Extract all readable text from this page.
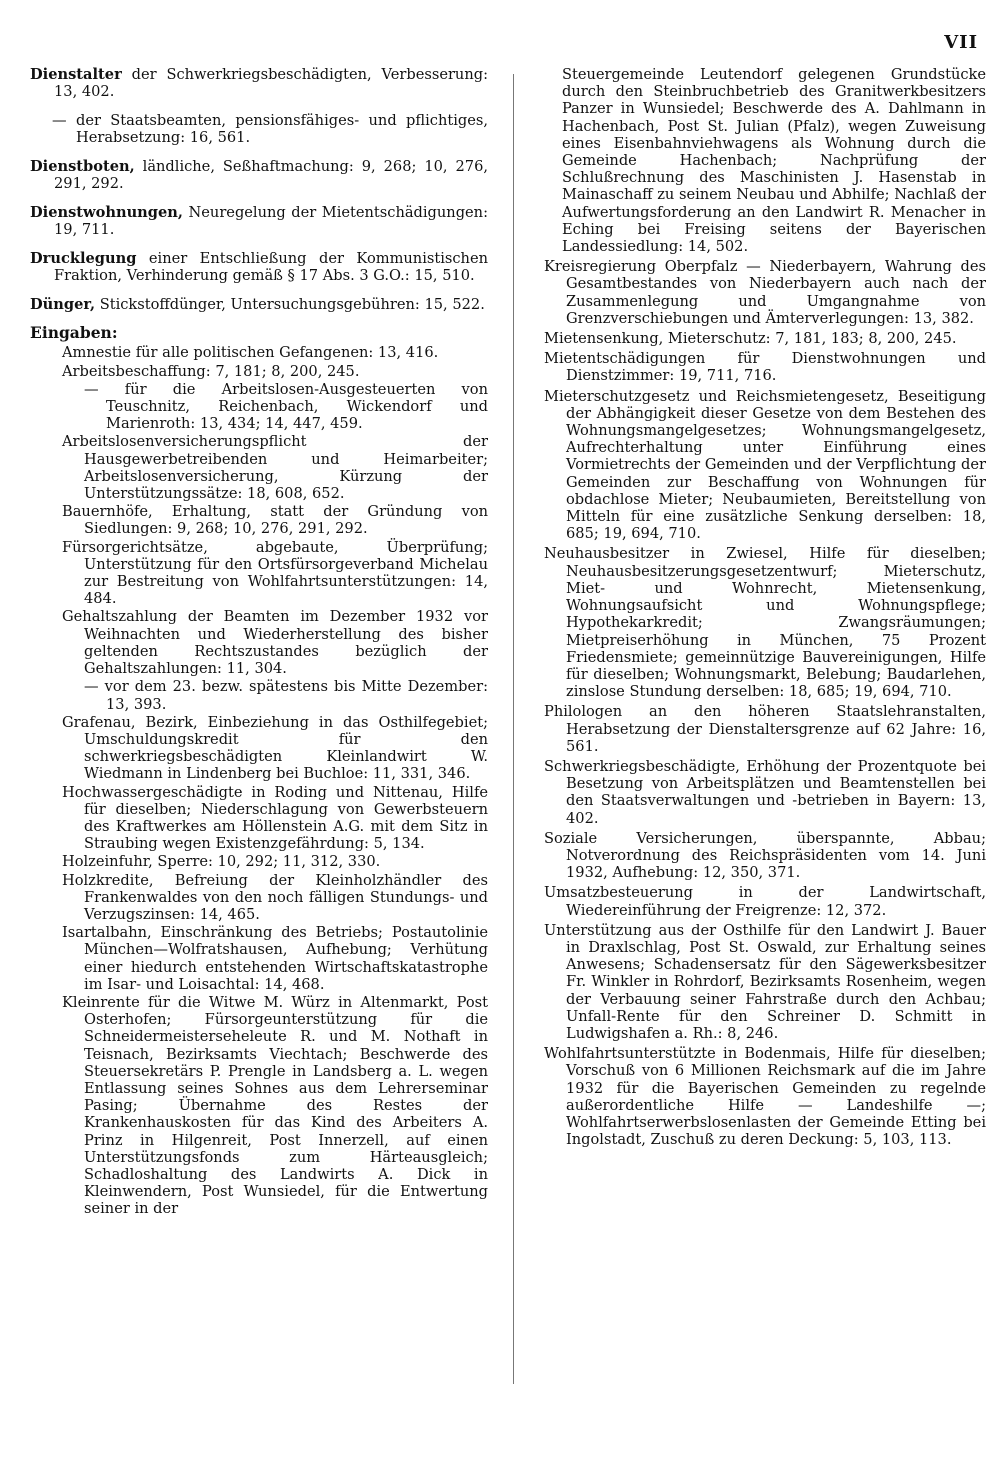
VII
Dienstalter der Schwerkriegsbeschädigten, Verbesserung: 13, 402.
— der Staatsbeamten, pensionsfähiges- und pflichtiges, Herabsetzung: 16, 561.
Dienstboten, ländliche, Seßhaftmachung: 9, 268; 10, 276, 291, 292.
Dienstwohnungen, Neuregelung der Mietentschädigungen: 19, 711.
Drucklegung einer Entschließung der Kommunistischen Fraktion, Verhinderung gemäß § 17 Abs. 3 G.O.: 15, 510.
Dünger, Stickstoffdünger, Untersuchungsgebühren: 15, 522.
Eingaben:
Amnestie für alle politischen Gefangenen: 13, 416.
Arbeitsbeschaffung: 7, 181; 8, 200, 245.
— für die Arbeitslosen-Ausgesteuerten von Teuschnitz, Reichenbach, Wickendorf und Marienroth: 13, 434; 14, 447, 459.
Arbeitslosenversicherungspflicht der Hausgewerbetreibenden und Heimarbeiter; Arbeitslosenversicherung, Kürzung der Unterstützungssätze: 18, 608, 652.
Bauernhöfe, Erhaltung, statt der Gründung von Siedlungen: 9, 268; 10, 276, 291, 292.
Fürsorgerichtsätze, abgebaute, Überprüfung; Unterstützung für den Ortsfürsorgeverband Michelau zur Bestreitung von Wohlfahrtsunterstützungen: 14, 484.
Gehaltszahlung der Beamten im Dezember 1932 vor Weihnachten und Wiederherstellung des bisher geltenden Rechtszustandes bezüglich der Gehaltszahlungen: 11, 304.
— vor dem 23. bezw. spätestens bis Mitte Dezember: 13, 393.
Grafenau, Bezirk, Einbeziehung in das Osthilfegebiet; Umschuldungskredit für den schwerkriegsbeschädigten Kleinlandwirt W. Wiedmann in Lindenberg bei Buchloe: 11, 331, 346.
Hochwassergeschädigte in Roding und Nittenau, Hilfe für dieselben; Niederschlagung von Gewerbsteuern des Kraftwerkes am Höllenstein A.G. mit dem Sitz in Straubing wegen Existenzgefährdung: 5, 134.
Holzeinfuhr, Sperre: 10, 292; 11, 312, 330.
Holzkredite, Befreiung der Kleinholzhändler des Frankenwaldes von den noch fälligen Stundungs- und Verzugszinsen: 14, 465.
Isartalbahn, Einschränkung des Betriebs; Postautolinie München—Wolfratshausen, Aufhebung; Verhütung einer hiedurch entstehenden Wirtschaftskatastrophe im Isar- und Loisachtal: 14, 468.
Kleinrente für die Witwe M. Würz in Altenmarkt, Post Osterhofen; Fürsorgeunterstützung für die Schneidermeisterseheleute R. und M. Nothaft in Teisnach, Bezirksamts Viechtach; Beschwerde des Steuersekretärs P. Prengle in Landsberg a. L. wegen Entlassung seines Sohnes aus dem Lehrerseminar Pasing; Übernahme des Restes der Krankenhauskosten für das Kind des Arbeiters A. Prinz in Hilgenreit, Post Innerzell, auf einen Unterstützungsfonds zum Härteausgleich; Schadloshaltung des Landwirts A. Dick in Kleinwendern, Post Wunsiedel, für die Entwertung seiner in der
Steuergemeinde Leutendorf gelegenen Grundstücke durch den Steinbruchbetrieb des Granitwerkbesitzers Panzer in Wunsiedel; Beschwerde des A. Dahlmann in Hachenbach, Post St. Julian (Pfalz), wegen Zuweisung eines Eisenbahnviehwagens als Wohnung durch die Gemeinde Hachenbach; Nachprüfung der Schlußrechnung des Maschinisten J. Hasenstab in Mainaschaff zu seinem Neubau und Abhilfe; Nachlaß der Aufwertungsforderung an den Landwirt R. Menacher in Eching bei Freising seitens der Bayerischen Landessiedlung: 14, 502.
Kreisregierung Oberpfalz — Niederbayern, Wahrung des Gesamtbestandes von Niederbayern auch nach der Zusammenlegung und Umgangnahme von Grenzverschiebungen und Ämterverlegungen: 13, 382.
Mietensenkung, Mieterschutz: 7, 181, 183; 8, 200, 245.
Mietentschädigungen für Dienstwohnungen und Dienstzimmer: 19, 711, 716.
Mieterschutzgesetz und Reichsmietengesetz, Beseitigung der Abhängigkeit dieser Gesetze von dem Bestehen des Wohnungsmangelgesetzes; Wohnungsmangelgesetz, Aufrechterhaltung unter Einführung eines Vormietrechts der Gemeinden und der Verpflichtung der Gemeinden zur Beschaffung von Wohnungen für obdachlose Mieter; Neubaumieten, Bereitstellung von Mitteln für eine zusätzliche Senkung derselben: 18, 685; 19, 694, 710.
Neuhausbesitzer in Zwiesel, Hilfe für dieselben; Neuhausbesitzerungsgesetzentwurf; Mieterschutz, Miet- und Wohnrecht, Mietensenkung, Wohnungsaufsicht und Wohnungspflege; Hypothekarkredit; Zwangsräumungen; Mietpreiserhöhung in München, 75 Prozent Friedensmiete; gemeinnützige Bauvereinigungen, Hilfe für dieselben; Wohnungsmarkt, Belebung; Baudarlehen, zinslose Stundung derselben: 18, 685; 19, 694, 710.
Philologen an den höheren Staatslehranstalten, Herabsetzung der Dienstaltersgrenze auf 62 Jahre: 16, 561.
Schwerkriegsbeschädigte, Erhöhung der Prozentquote bei Besetzung von Arbeitsplätzen und Beamtenstellen bei den Staatsverwaltungen und -betrieben in Bayern: 13, 402.
Soziale Versicherungen, überspannte, Abbau; Notverordnung des Reichspräsidenten vom 14. Juni 1932, Aufhebung: 12, 350, 371.
Umsatzbesteuerung in der Landwirtschaft, Wiedereinführung der Freigrenze: 12, 372.
Unterstützung aus der Osthilfe für den Landwirt J. Bauer in Draxlschlag, Post St. Oswald, zur Erhaltung seines Anwesens; Schadensersatz für den Sägewerksbesitzer Fr. Winkler in Rohrdorf, Bezirksamts Rosenheim, wegen der Verbauung seiner Fahrstraße durch den Achbau; Unfall-Rente für den Schreiner D. Schmitt in Ludwigshafen a. Rh.: 8, 246.
Wohlfahrtsunterstützte in Bodenmais, Hilfe für dieselben; Vorschuß von 6 Millionen Reichsmark auf die im Jahre 1932 für die Bayerischen Gemeinden zu regelnde außerordentliche Hilfe — Landeshilfe —; Wohlfahrtserwerbslosenlasten der Gemeinde Etting bei Ingolstadt, Zuschuß zu deren Deckung: 5, 103, 113.
